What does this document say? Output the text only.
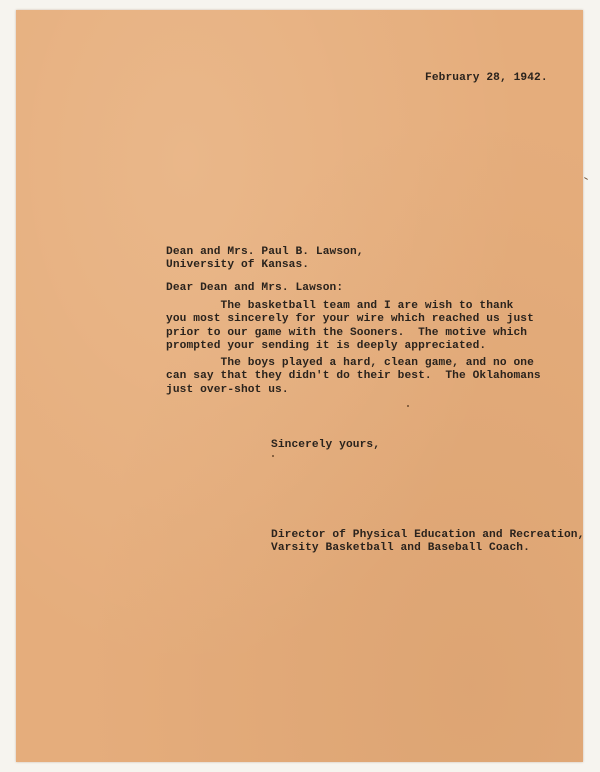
February 28, 1942.

Dean and Mrs. Paul B. Lawson,
University of Kansas.

Dear Dean and Mrs. Lawson:

The basketball team and I are wish to thank
you most sincerely for your wire which reached us just
prior to our game with the Sooners.  The motive which
prompted your sending it is deeply appreciated.
The boys played a hard, clean game, and no one
can say that they didn't do their best.  The Oklahomans
just over-shot us.

Sincerely yours,

Director of Physical Education and Recreation,
Varsity Basketball and Baseball Coach.
